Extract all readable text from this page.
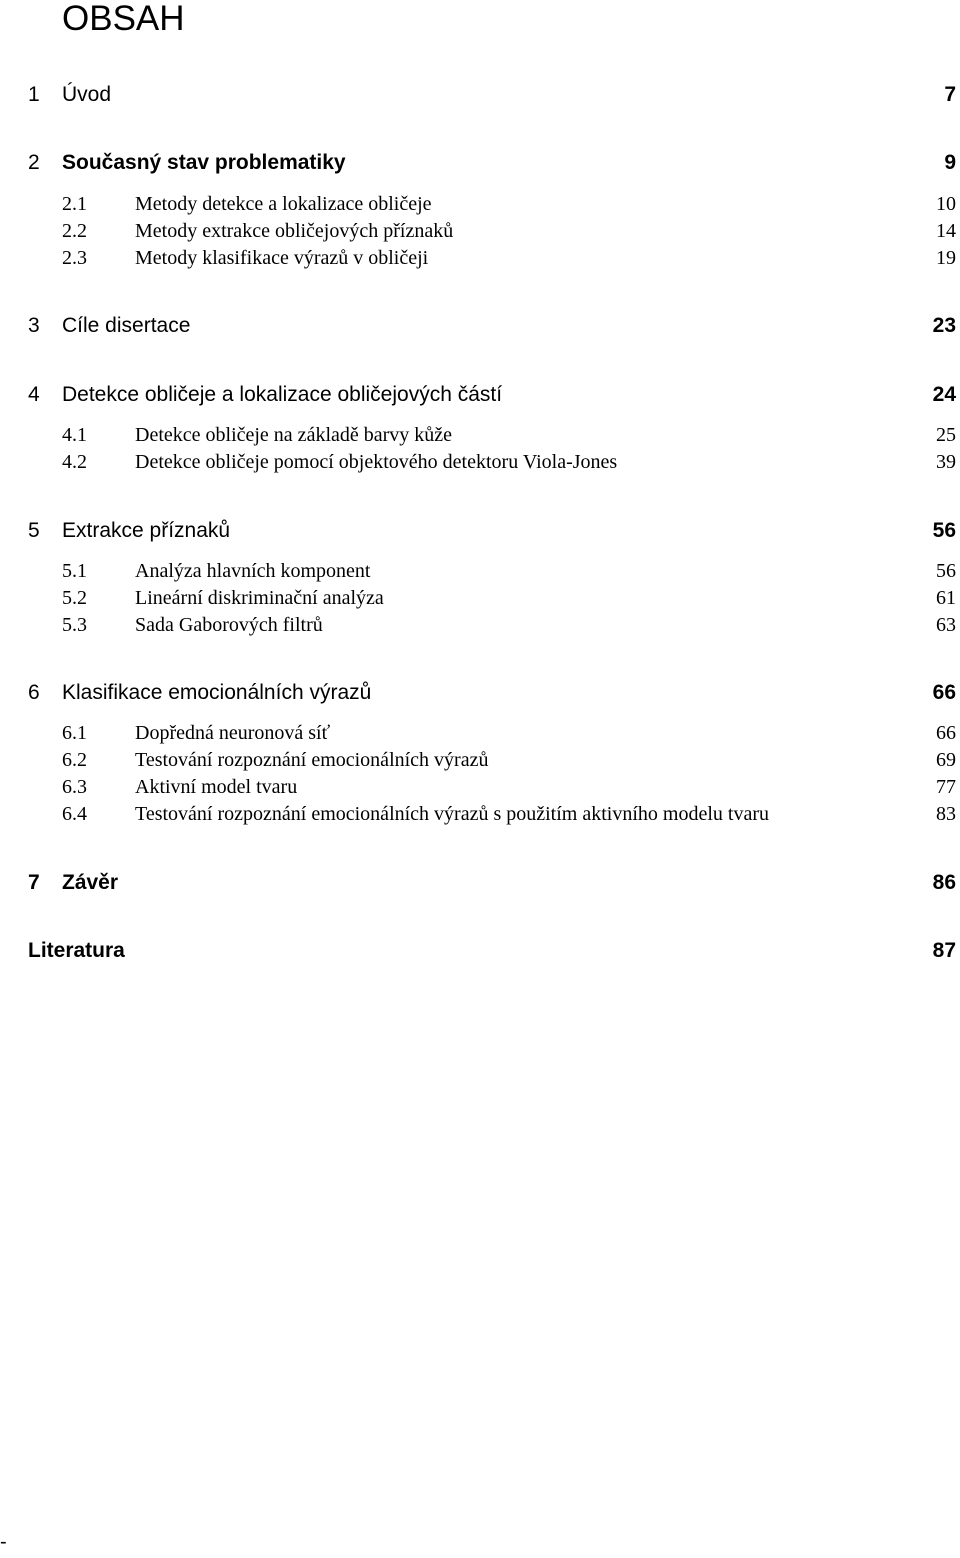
OBSAH
1 Úvod	7
2 Současný stav problematiky	9
2.1 Metody detekce a lokalizace obličeje	10
2.2 Metody extrakce obličejových příznaků	14
2.3 Metody klasifikace výrazů v obličeji	19
3 Cíle disertace	23
4 Detekce obličeje a lokalizace obličejových částí	24
4.1 Detekce obličeje na základě barvy kůže	25
4.2 Detekce obličeje pomocí objektového detektoru Viola-Jones	39
5 Extrakce příznaků	56
5.1 Analýza hlavních komponent	56
5.2 Lineární diskriminační analýza	61
5.3 Sada Gaborových filtrů	63
6 Klasifikace emocionálních výrazů	66
6.1 Dopředná neuronová síť	66
6.2 Testování rozpoznání emocionálních výrazů	69
6.3 Aktivní model tvaru	77
6.4 Testování rozpoznání emocionálních výrazů s použitím aktivního modelu tvaru	83
7 Závěr	86
Literatura	87
-
